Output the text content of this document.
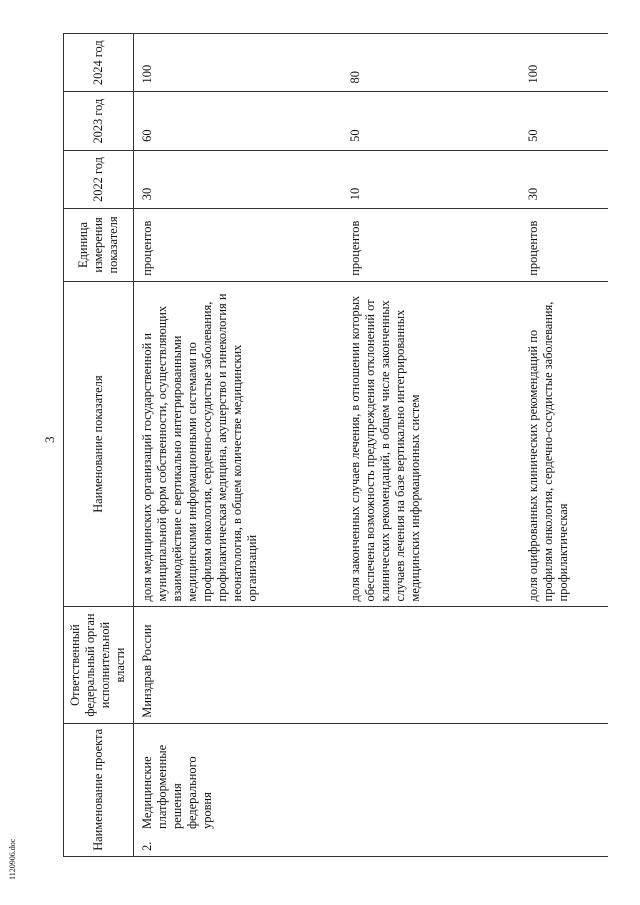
3
1120906.doc
Наименование проекта	Ответственный федеральный орган исполнительной власти	Наименование показателя	Единица измерения показателя	2022 год	2023 год	2024 год

2.
Медицинские платформенные решения федерального уровня	Минздрав России	доля медицинских организаций государственной и муниципальной форм собственности, осуществляющих взаимодействие с вертикально интегрированными медицинскими информационными системами по профилям онкология, сердечно-сосудистые заболевания, профилактическая медицина, акушерство и гинекология и неонатология, в общем количестве медицинских организаций	процентов	30	60	100

		доля законченных случаев лечения, в отношении которых обеспечена возможность предупреждения отклонений от клинических рекомендаций, в общем числе законченных случаев лечения на базе вертикально интегрированных медицинских информационных систем	процентов	10	50	80

		доля оцифрованных клинических рекомендаций по профилям онкология, сердечно-сосудистые заболевания, профилактическая	процентов	30	50	100
